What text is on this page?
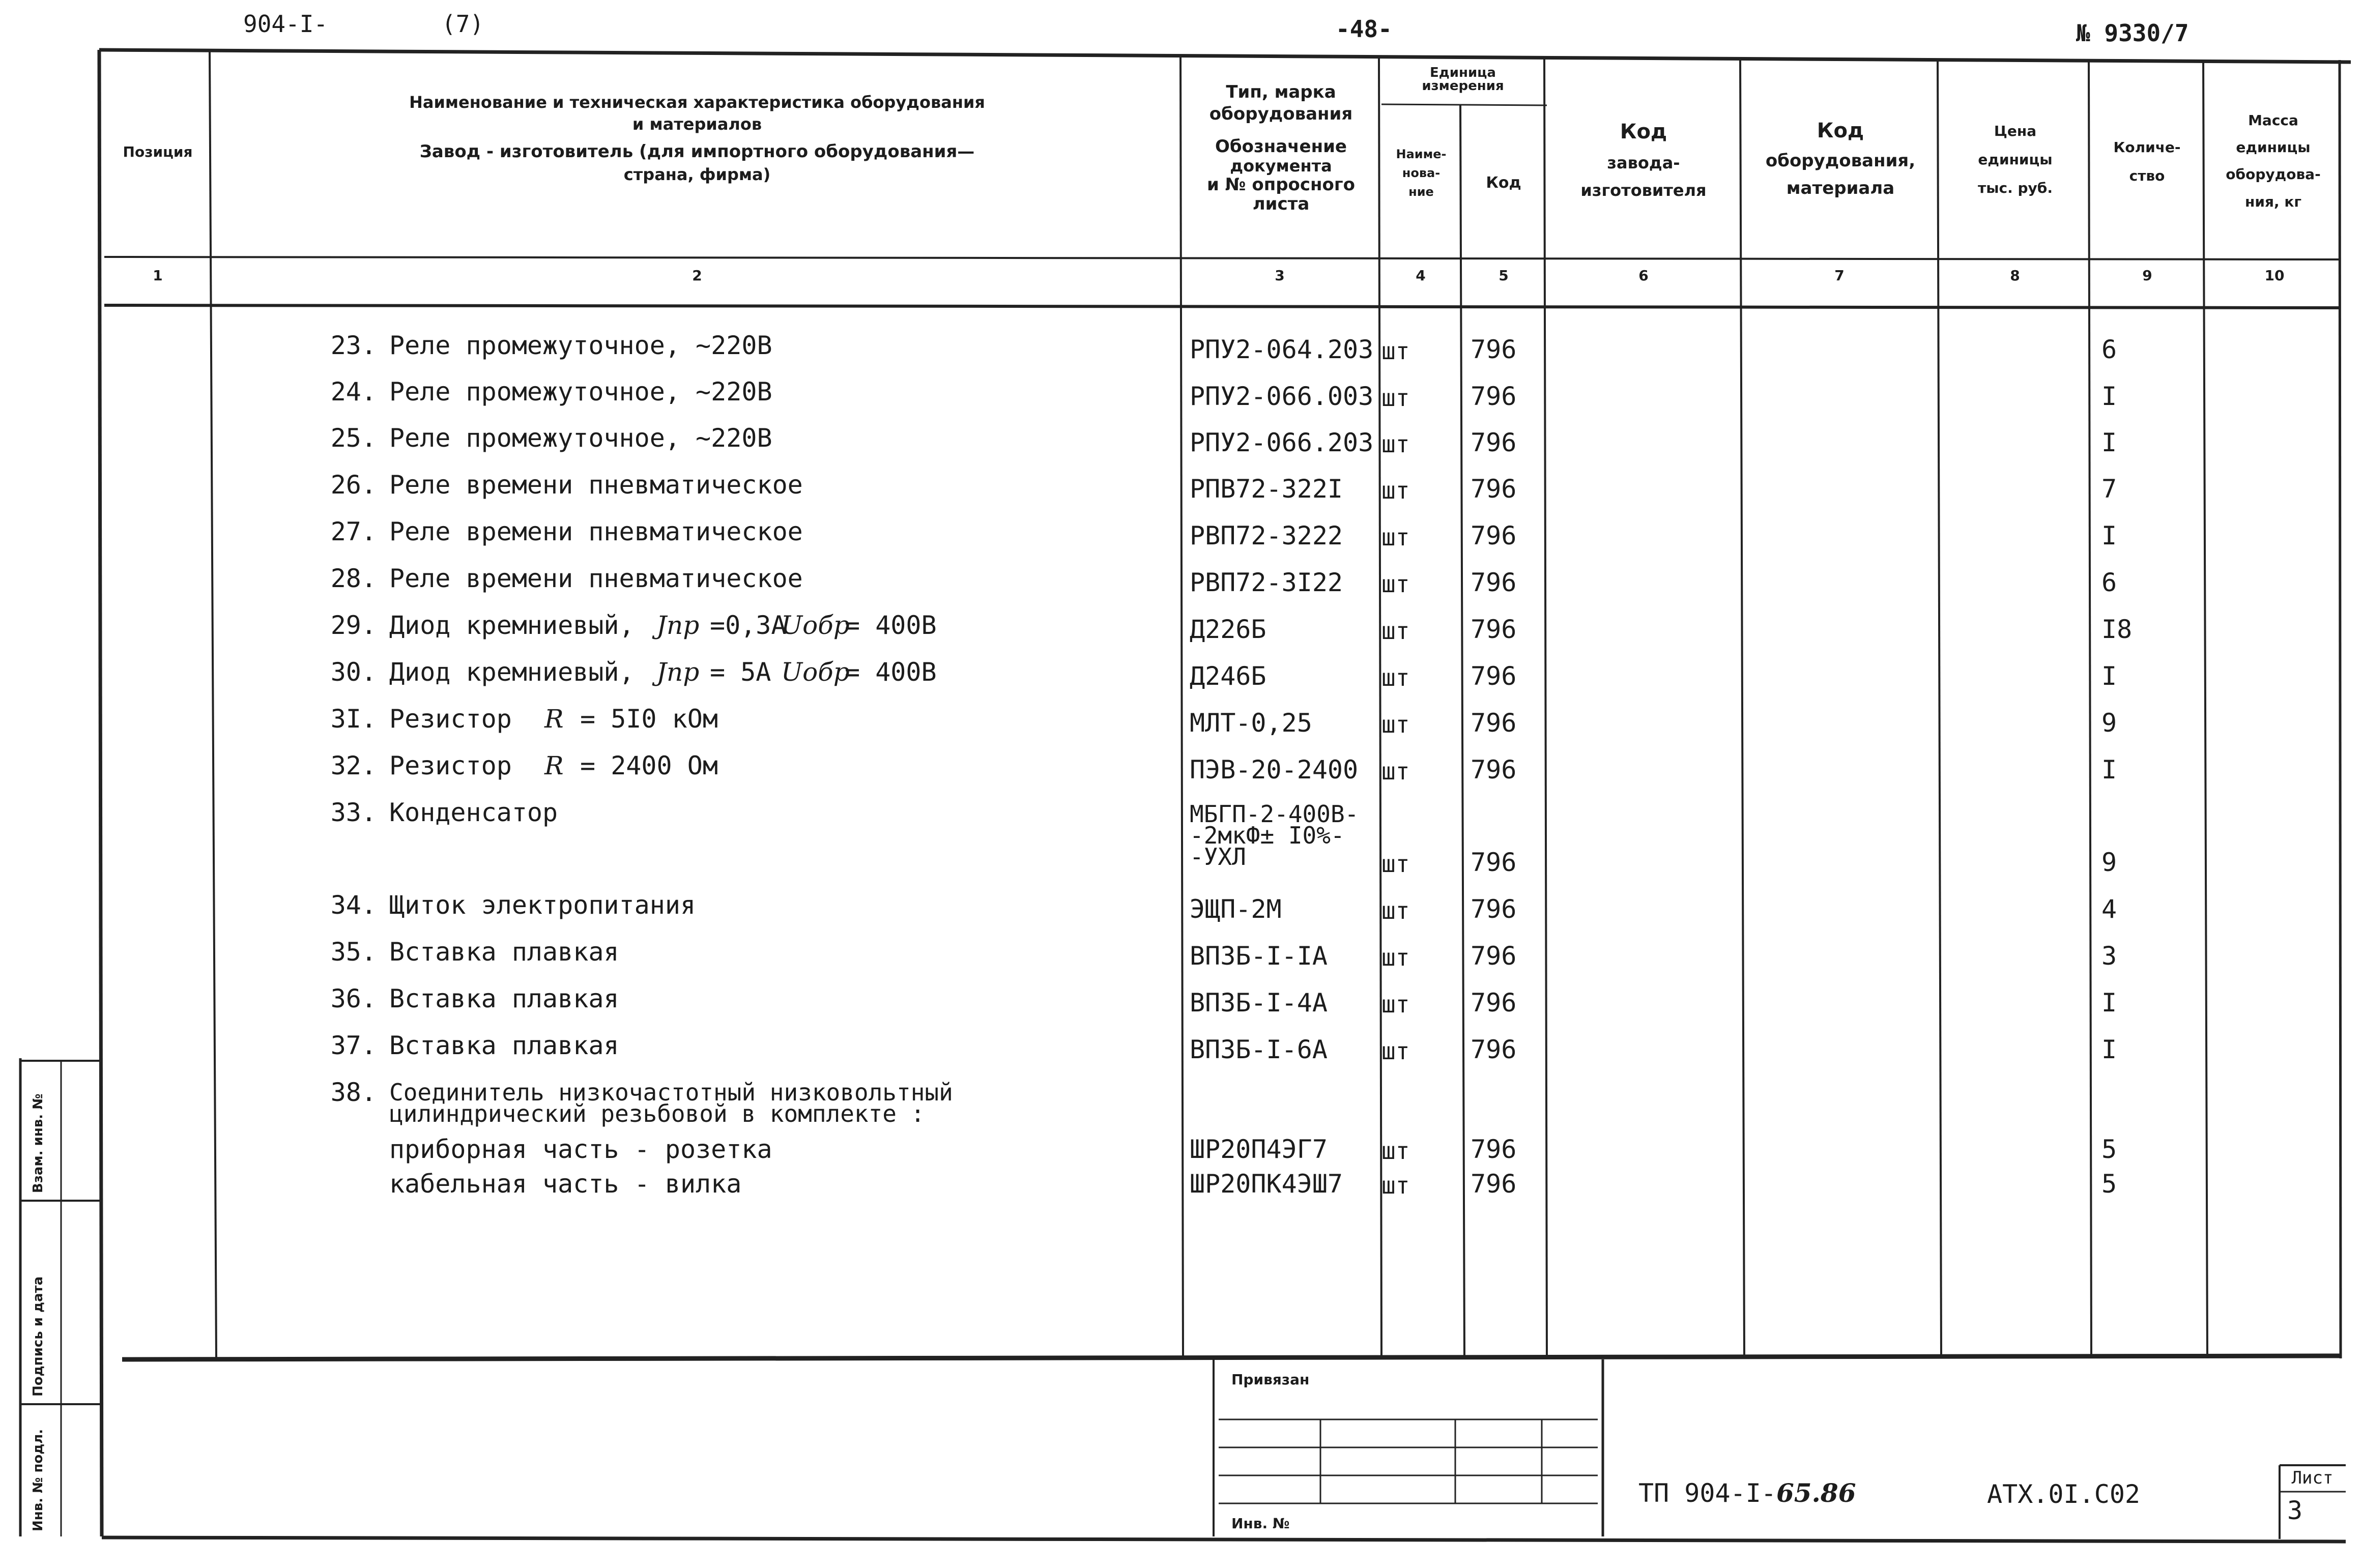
904-I-	(7)	-48-	№ 9330/7
Позиция
Наименование и техническая характеристика оборудования
и материалов
Завод - изготовитель (для импортного оборудования—
страна, фирма)
Тип, марка
оборудования
Обозначение
документа
и № опросного
листа
Единица
измерения
Наиме-
нова-
ние
Код
Код
завода-
изготовителя
Код
оборудования,
материала
Цена
единицы
тыс. руб.
Количе-
ство
Масса
единицы
оборудова-
ния, кг
1	2	3	4	5	6	7	8	9	10
23. Реле промежуточное, ~220В	РПУ2-064.203 шт 796	6
24. Реле промежуточное, ~220В	РПУ2-066.003 шт 796	I
25. Реле промежуточное, ~220В	РПУ2-066.203 шт 796	I
26. Реле времени пневматическое	РПВ72-322I шт 796	7
27. Реле времени пневматическое	РВП72-3222 шт 796	I
28. Реле времени пневматическое	РВП72-3I22 шт 796	6
29. Диод кремниевый, Jпр =0,3А
Uобр
= 400В	Д226Б	шт 796	I8
30. Диод кремниевый, Jпр = 5А Uобр
= 400В	Д246Б	шт 796	I
3I. Резистор R = 5I0 кОм	МЛТ-0,25	шт 796	9
32. Резистор R = 2400 Ом	ПЭВ-20-2400 шт 796	I
33. Конденсатор	МБГП-2-400В-
-2мкФ± I0%-
-УХЛ	шт 796	9
34. Щиток электропитания	ЭЩП-2М	шт 796	4
35. Вставка плавкая	ВП3Б-I-IА шт 796	3
36. Вставка плавкая	ВП3Б-I-4А шт 796	I
37. Вставка плавкая	ВП3Б-I-6А шт 796	I
38. Соединитель низкочастотный низковольтный
цилиндрический резьбовой в комплекте :
приборная часть - розетка	ШР20П4ЭГ7 шт 796	5
кабельная часть - вилка	ШР20ПК4ЭШ7 шт 796	5
Привязан
Инв. №
ТП 904-I-65.86	АТХ.0I.С02
Лист
3
Взам. инв. №
Подпись и дата
Инв. № подл.
